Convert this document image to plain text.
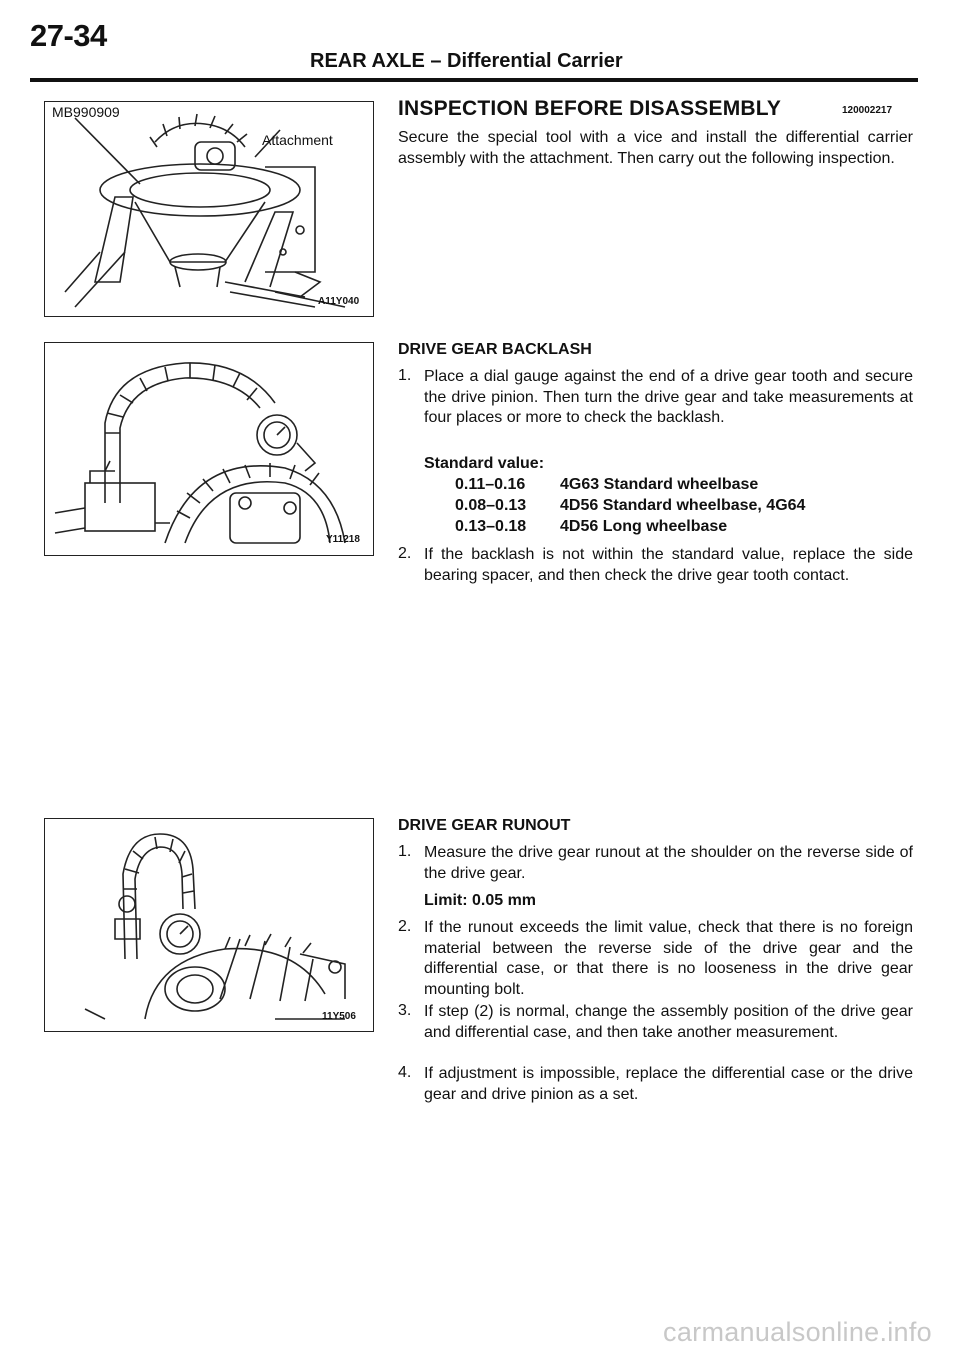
27-34
REAR AXLE – Differential Carrier
MB990909
Attachment
A11Y040
Y11218
11Y506
INSPECTION BEFORE DISASSEMBLY	120002217
Secure the special tool with a vice and install the differential carrier assembly with the attachment. Then carry out the following inspection.
DRIVE GEAR BACKLASH
1. Place a dial gauge against the end of a drive gear tooth and secure the drive pinion. Then turn the drive gear and take measurements at four places or more to check the backlash.
Standard value:
0.11–0.16 4G63 Standard wheelbase
0.08–0.13 4D56 Standard wheelbase, 4G64
0.13–0.18 4D56 Long wheelbase
2. If the backlash is not within the standard value, replace the side bearing spacer, and then check the drive gear tooth contact.
DRIVE GEAR RUNOUT
1. Measure the drive gear runout at the shoulder on the reverse side of the drive gear.
Limit: 0.05 mm
2. If the runout exceeds the limit value, check that there is no foreign material between the reverse side of the drive gear and the differential case, or that there is no looseness in the drive gear mounting bolt.
3. If step (2) is normal, change the assembly position of the drive gear and differential case, and then take another measurement.
4. If adjustment is impossible, replace the differential case or the drive gear and drive pinion as a set.
carmanualsonline.info
